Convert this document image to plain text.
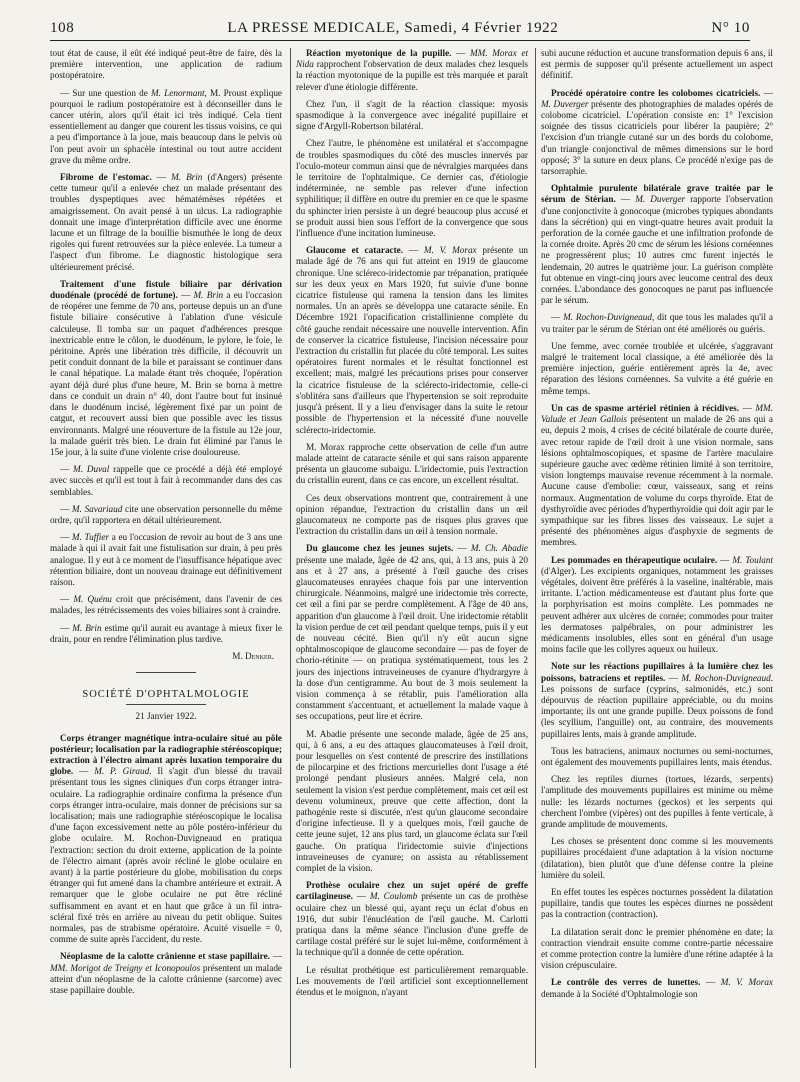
108	LA PRESSE MEDICALE, Samedi, 4 Février 1922	N° 10

tout état de cause, il eût été indiqué peut-être de faire, dès la première intervention, une application de radium postopératoire.

— Sur une question de M. Lenormant, M. Proust explique pourquoi le radium postopératoire est à déconseiller dans le cancer utérin, alors qu'il était ici très indiqué. Cela tient essentiellement au danger que courent les tissus voisins, ce qui a peu d'importance à la joue, mais beaucoup dans le pelvis où l'on peut avoir un sphacèle intestinal ou tout autre accident grave du même ordre.

Fibrome de l'estomac. — M. Brin (d'Angers) présente cette tumeur qu'il a enlevée chez un malade présentant des troubles dyspeptiques avec hématémèses répétées et amaigrissement. On avait pensé à un ulcus. La radiographie donnait une image d'interprétation difficile avec une énorme lacune et un filtrage de la bouillie bismuthée le long de deux rigoles qui furent retrouvées sur la pièce enlevée. La tumeur a l'aspect d'un fibrome. Le diagnostic histologique sera ultérieurement précisé.

Traitement d'une fistule biliaire par dérivation duodénale (procédé de fortune). — M. Brin a eu l'occasion de réopérer une femme de 70 ans, porteuse depuis un an d'une fistule biliaire consécutive à l'ablation d'une vésicule calculeuse. Il tomba sur un paquet d'adhérences presque inextricable entre le côlon, le duodénum, le pylore, le foie, le péritoine. Après une libération très difficile, il découvrit un petit conduit donnant de la bile et paraissant se continuer dans le canal hépatique. La malade étant très choquée, l'opération ayant déjà duré plus d'une heure, M. Brin se borna à mettre dans ce conduit un drain n° 40, dont l'autre bout fut insinué dans le duodénum incisé, légèrement fixé par un point de catgut, et recouvert aussi bien que possible avec les tissus environnants. Malgré une réouverture de la fistule au 12e jour, la malade guérit très bien. Le drain fut éliminé par l'anus le 15e jour, à la suite d'une violente crise douloureuse.

— M. Duval rappelle que ce procédé a déjà été employé avec succès et qu'il est tout à fait à recommander dans des cas semblables.

— M. Savariaud cite une observation personnelle du même ordre, qu'il rapportera en détail ultérieurement.

— M. Tuffier a eu l'occasion de revoir au bout de 3 ans une malade à qui il avait fait une fistulisation sur drain, à peu près analogue. Il y eut à ce moment de l'insuffisance hépatique avec rétention biliaire, dont un nouveau drainage eut définitivement raison.

— M. Quénu croit que précisément, dans l'avenir de ces malades, les rétrécissements des voies biliaires sont à craindre.

— M. Brin estime qu'il aurait eu avantage à mieux fixer le drain, pour en rendre l'élimination plus tardive.

M. Denker.

SOCIÉTÉ D'OPHTALMOLOGIE
21 Janvier 1922.

Corps étranger magnétique intra-oculaire situé au pôle postérieur; localisation par la radiographie stéréoscopique; extraction à l'électro aimant après luxation temporaire du globe. — M. P. Giraud. Il s'agit d'un blessé du travail présentant tous les signes cliniques d'un corps étranger intra-oculaire. La radiographie ordinaire confirma la présence d'un corps étranger intra-oculaire, mais donner de précisions sur sa localisation; mais une radiographie stéréoscopique le localisa d'une façon excessivement nette au pôle postéro-inférieur du globe oculaire. M. Rochon-Duvigneaud en pratiqua l'extraction: section du droit externe, application de la pointe de l'électro aimant (après avoir récliné le globe oculaire en avant) à la partie postérieure du globe, mobilisation du corps étranger qui fut amené dans la chambre antérieure et extrait. A remarquer que le globe oculaire ne put être récliné suffisamment en avant et en haut que grâce à un fil intra-scléral fixé très en arrière au niveau du petit oblique. Suites normales, pas de strabisme opératoire. Acuité visuelle = 0, comme de suite après l'accident, du reste.

Néoplasme de la calotte crânienne et stase papillaire. — MM. Morigot de Treigny et Iconopoulos présentent un malade atteint d'un néoplasme de la calotte crânienne (sarcome) avec stase papillaire double.

Réaction myotonique de la pupille. — MM. Morax et Nida rapprochent l'observation de deux malades chez lesquels la réaction myotonique de la pupille est très marquée et paraît relever d'une étiologie différente.

Chez l'un, il s'agit de la réaction classique: myosis spasmodique à la convergence avec inégalité pupillaire et signe d'Argyll-Robertson bilatéral.

Chez l'autre, le phénomène est unilatéral et s'accompagne de troubles spasmodiques du côté des muscles innervés par l'oculo-moteur commun ainsi que de névralgies marquées dans le territoire de l'ophtalmique. Ce dernier cas, d'étiologie indéterminée, ne semble pas relever d'une infection syphilitique; il diffère en outre du premier en ce que le spasme du sphincter irien persiste à un degré beaucoup plus accusé et se produit aussi bien sous l'effort de la convergence que sous l'influence d'une incitation lumineuse.

Glaucome et cataracte. — M. V. Morax présente un malade âgé de 76 ans qui fut atteint en 1919 de glaucome chronique. Une scléreco-iridectomie par trépanation, pratiquée sur les deux yeux en Mars 1920, fut suivie d'une bonne cicatrice fistuleuse qui ramena la tension dans les limites normales. Un an après se développa une cataracte sénile. En Décembre 1921 l'opacification cristallinienne complète du côté gauche rendait nécessaire une nouvelle intervention. Afin de conserver la cicatrice fistuleuse, l'incision nécessaire pour l'extraction du cristallin fut placée du côté temporal. Les suites opératoires furent normales et le résultat fonctionnel est excellent; mais, malgré les précautions prises pour conserver la cicatrice fistuleuse de la sclérecto-iridectomie, celle-ci s'oblitéra sans d'ailleurs que l'hypertension se soit reproduite jusqu'à présent. Il y a lieu d'envisager dans la suite le retour possible de l'hypertension et la nécessité d'une nouvelle sclérecto-iridectomie.

M. Morax rapproche cette observation de celle d'un autre malade atteint de cataracte sénile et qui sans raison apparente présenta un glaucome subaigu. L'iridectomie, puis l'extraction du cristallin eurent, dans ce cas encore, un excellent résultat.

Ces deux observations montrent que, contrairement à une opinion répandue, l'extraction du cristallin dans un œil glaucomateux ne comporte pas de risques plus graves que l'extraction du cristallin dans un œil à tension normale.

Du glaucome chez les jeunes sujets. — M. Ch. Abadie présente une malade, âgée de 42 ans, qui, à 13 ans, puis à 20 ans et à 27 ans, a présenté à l'œil gauche des crises glaucomateuses enrayées chaque fois par une intervention chirurgicale. Néanmoins, malgré une iridectomie très correcte, cet œil a fini par se perdre complètement. A l'âge de 40 ans, apparition d'un glaucome à l'œil droit. Une iridectomie rétablit la vision perdue de cet œil pendant quelque temps, puis il y eut de nouveau cécité. Bien qu'il n'y eût aucun signe ophtalmoscopique de glaucome secondaire — pas de foyer de chorio-rétinite — on pratiqua systématiquement, tous les 2 jours des injections intraveineuses de cyanure d'hydrargyre à la dose d'un centigramme. Au bout de 3 mois seulement la vision commença à se rétablir, puis l'amélioration alla constamment s'accentuant, et actuellement la malade vaque à ses occupations, peut lire et écrire.

M. Abadie présente une seconde malade, âgée de 25 ans, qui, à 6 ans, a eu des attaques glaucomateuses à l'œil droit, pour lesquelles on s'est contenté de prescrire des instillations de pilocarpine et des frictions mercurielles dont l'usage a été prolongé pendant plusieurs années. Malgré cela, non seulement la vision s'est perdue complètement, mais cet œil est devenu volumineux, preuve que cette affection, dont la pathogénie reste si discutée, n'est qu'un glaucome secondaire d'origine infectieuse. Il y a quelques mois, l'œil gauche de cette jeune sujet, 12 ans plus tard, un glaucome éclata sur l'œil gauche. On pratiqua l'iridectomie suivie d'injections intraveineuses de cyanure; on assista au rétablissement complet de la vision.

Prothèse oculaire chez un sujet opéré de greffe cartilagineuse. — M. Coulomb présente un cas de prothèse oculaire chez un blessé qui, ayant reçu un éclat d'obus en 1916, dut subir l'énucléation de l'œil gauche. M. Carlotti pratiqua dans la même séance l'inclusion d'une greffe de cartilage costal préféré sur le sujet lui-même, conformément à la technique qu'il a donnée de cette opération.

Le résultat prothétique est particulièrement remarquable. Les mouvements de l'œil artificiel sont exceptionnellement étendus et le moignon, n'ayant

subi aucune réduction et aucune transformation depuis 6 ans, il est permis de supposer qu'il présente actuellement un aspect définitif.

Procédé opératoire contre les colobomes cicatriciels. — M. Duverger présente des photographies de malades opérés de colobome cicatriciel. L'opération consiste en: 1° l'excision soignée des tissus cicatriciels pour libérer la paupière; 2° l'excision d'un triangle cutané sur un des bords du colobome, d'un triangle conjonctival de mêmes dimensions sur le bord opposé; 3° la suture en deux plans. Ce procédé n'exige pas de tarsorraphie.

Ophtalmie purulente bilatérale grave traitée par le sérum de Stérian. — M. Duverger rapporte l'observation d'une conjonctivite à gonocoque (microbes typiques abondants dans la sécrétion) qui en vingt-quatre heures avait produit la perforation de la cornée gauche et une infiltration profonde de la cornée droite. Après 20 cmc de sérum les lésions cornéennes ne progressèrent plus; 10 autres cmc furent injectés le lendemain, 20 autres le quatrième jour. La guérison complète fut obtenue en vingt-cinq jours avec leucome central des deux cornées. L'abondance des gonocoques ne parut pas influencée par le sérum.

— M. Rochon-Duvigneaud, dit que tous les malades qu'il a vu traiter par le sérum de Stérian ont été améliorés ou guéris.

Une femme, avec cornée troublée et ulcérée, s'aggravant malgré le traitement local classique, a été améliorée dès la première injection, guérie entièrement après la 4e, avec réparation des lésions cornéennes. Sa vulvite a été guérie en même temps.

Un cas de spasme artériel rétinien à récidives. — MM. Valude et Jean Gallois présentent un malade de 26 ans qui a eu, depuis 2 mois, 4 crises de cécité bilatérale de courte durée, avec retour rapide de l'œil droit à une vision normale, sans lésions ophtalmoscopiques, et spasme de l'artère maculaire supérieure gauche avec œdème rétinien limité à son territoire, vision longtemps mauvaise revenue récemment à la normale. Aucune cause d'embolie: cœur, vaisseaux, sang et reins normaux. Augmentation de volume du corps thyroïde. Etat de dysthyroïdie avec périodes d'hyperthyroïdie qui doit agir par le sympathique sur les fibres lisses des vaisseaux. Le sujet a présenté des phénomènes aigus d'asphyxie de segments de membres.

Les pommades en thérapeutique oculaire. — M. Toulant (d'Alger). Les excipients organiques, notamment les graisses végétales, doivent être préférés à la vaseline, inaltérable, mais irritante. L'action médicamenteuse est d'autant plus forte que la porphyrisation est moins complète. Les pommades ne peuvent adhérer aux ulcères de cornée; commodes pour traiter les dermatoses palpébrales, on pour administrer les médicaments insolubles, elles sont en général d'un usage moins facile que les collyres aqueux ou huileux.

Note sur les réactions pupillaires à la lumière chez les poissons, batraciens et reptiles. — M. Rochon-Duvigneaud. Les poissons de surface (cyprins, salmonidés, etc.) sont dépourvus de réaction pupillaire appréciable, ou du moins importante; ils ont une grande pupille. Deux poissons de fond (les scyllium, l'anguille) ont, au contraire, des mouvements pupillaires lents, mais à grande amplitude.

Tous les batraciens, animaux nocturnes ou semi-nocturnes, ont également des mouvements pupillaires lents, mais étendus.

Chez les reptiles diurnes (tortues, lézards, serpents) l'amplitude des mouvements pupillaires est minime ou même nulle: les lézards nocturnes (geckos) et les serpents qui cherchent l'ombre (vipères) ont des pupilles à fente verticale, à grande amplitude de mouvements.

Les choses se présentent donc comme si les mouvements pupillaires procédaient d'une adaptation à la vision nocturne (dilatation), bien plutôt que d'une défense contre la pleine lumière du soleil.

En effet toutes les espèces nocturnes possèdent la dilatation pupillaire, tandis que toutes les espèces diurnes ne possèdent pas la contraction (contraction).

La dilatation serait donc le premier phénomène en date; la contraction viendrait ensuite comme contre-partie nécessaire et comme protection contre la lumière d'une rétine adaptée à la vision crépusculaire.

Le contrôle des verres de lunettes. — M. V. Morax demande à la Société d'Ophtalmologie son
